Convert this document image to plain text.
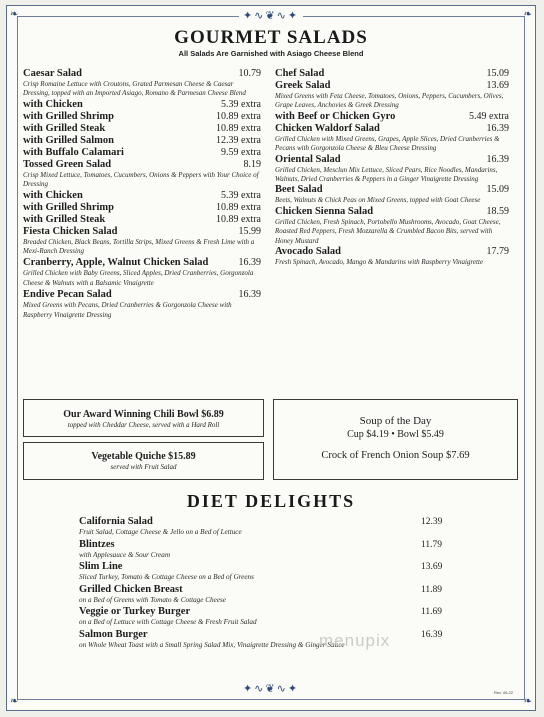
✦∿❦∿✦
✦∿❦∿✦
❧	❧
❧	❧
GOURMET SALADS
All Salads Are Garnished with Asiago Cheese Blend
Caesar Salad	10.79
Crisp Romaine Lettuce with Croutons, Grated Parmesan Cheese & Caesar Dressing, topped with an Imported Asiago, Romano & Parmesan Cheese Blend
with Chicken	5.39 extra
with Grilled Shrimp	10.89 extra
with Grilled Steak	10.89 extra
with Grilled Salmon	12.39 extra
with Buffalo Calamari	9.59 extra
Tossed Green Salad	8.19
Crisp Mixed Lettuce, Tomatoes, Cucumbers, Onions & Peppers with Your Choice of Dressing
with Chicken	5.39 extra
with Grilled Shrimp	10.89 extra
with Grilled Steak	10.89 extra
Fiesta Chicken Salad	15.99
Breaded Chicken, Black Beans, Tortilla Strips, Mixed Greens & Fresh Lime with a Mexi-Ranch Dressing
Cranberry, Apple, Walnut Chicken Salad	16.39
Grilled Chicken with Baby Greens, Sliced Apples, Dried Cranberries, Gorgonzola Cheese & Walnuts with a Balsamic Vinaigrette
Endive Pecan Salad	16.39
Mixed Greens with Pecans, Dried Cranberries & Gorgonzola Cheese with Raspberry Vinaigrette Dressing
Chef Salad	15.09
Greek Salad	13.69
Mixed Greens with Feta Cheese, Tomatoes, Onions, Peppers, Cucumbers, Olives, Grape Leaves, Anchovies & Greek Dressing
with Beef or Chicken Gyro	5.49 extra
Chicken Waldorf Salad	16.39
Grilled Chicken with Mixed Greens, Grapes, Apple Slices, Dried Cranberries & Pecans with Gorgonzola Cheese & Bleu Cheese Dressing
Oriental Salad	16.39
Grilled Chicken, Mesclun Mix Lettuce, Sliced Pears, Rice Noodles, Mandarins, Walnuts, Dried Cranberries & Peppers in a Ginger Vinaigrette Dressing
Beet Salad	15.09
Beets, Walnuts & Chick Peas on Mixed Greens, topped with Goat Cheese
Chicken Sienna Salad	18.59
Grilled Chicken, Fresh Spinach, Portobello Mushrooms, Avocado, Goat Cheese, Roasted Red Peppers, Fresh Mozzarella & Crumbled Bacon Bits, served with Honey Mustard
Avocado Salad	17.79
Fresh Spinach, Avocado, Mango & Mandarins with Raspberry Vinaigrette
Our Award Winning Chili Bowl $6.89
topped with Cheddar Cheese, served with a Hard Roll
Vegetable Quiche $15.89
served with Fruit Salad
Soup of the Day
Cup $4.19 • Bowl $5.49
Crock of French Onion Soup $7.69
DIET DELIGHTS
California Salad	12.39
Fruit Salad, Cottage Cheese & Jello on a Bed of Lettuce
Blintzes	11.79
with Applesauce & Sour Cream
Slim Line	13.69
Sliced Turkey, Tomato & Cottage Cheese on a Bed of Greens
Grilled Chicken Breast	11.89
on a Bed of Greens with Tomato & Cottage Cheese
Veggie or Turkey Burger	11.69
on a Bed of Lettuce with Cottage Cheese & Fresh Fruit Salad
Salmon Burger	16.39
on Whole Wheat Toast with a Small Spring Salad Mix, Vinaigrette Dressing & Ginger Sauce
menupix
Rev. 06.22
